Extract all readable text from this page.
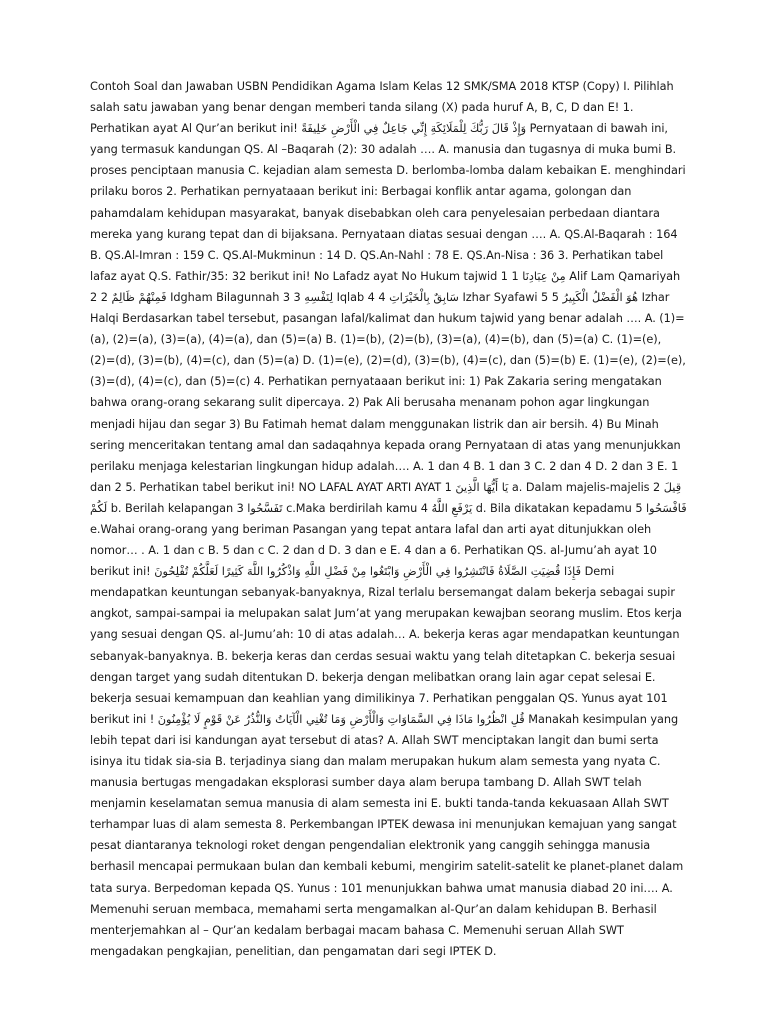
Contoh Soal dan Jawaban USBN Pendidikan Agama Islam Kelas 12 SMK/SMA 2018 KTSP (Copy) I. Pilihlah salah satu jawaban yang benar dengan memberi tanda silang (X) pada huruf A, B, C, D dan E! 1. Perhatikan ayat Al Qur’an berikut ini! وَإِذْ قَالَ رَبُّكَ لِلْمَلَائِكَةِ إِنِّي جَاعِلٌ فِي الْأَرْضِ خَلِيفَةً Pernyataan di bawah ini, yang termasuk kandungan QS. Al –Baqarah (2): 30 adalah …. A. manusia dan tugasnya di muka bumi B. proses penciptaan manusia C. kejadian alam semesta D. berlomba-lomba dalam kebaikan E. menghindari prilaku boros 2. Perhatikan pernyataaan berikut ini: Berbagai konflik antar agama, golongan dan pahamdalam kehidupan masyarakat, banyak disebabkan oleh cara penyelesaian perbedaan diantara mereka yang kurang tepat dan di bijaksana. Pernyataan diatas sesuai dengan …. A. QS.Al-Baqarah : 164 B. QS.Al-Imran : 159 C. QS.Al-Mukminun : 14 D. QS.An-Nahl : 78 E. QS.An-Nisa : 36 3. Perhatikan tabel lafaz ayat Q.S. Fathir/35: 32 berikut ini! No Lafadz ayat No Hukum tajwid 1 مِنْ عِبَادِنَا 1 Alif Lam Qamariyah 2 فَمِنْهُمْ ظَالِمٌ 2 Idgham Bilagunnah 3 لِنَفْسِهِ 3 Iqlab 4 سَابِقٌ بِالْخَيْرَاتِ 4 Izhar Syafawi 5 هُوَ الْفَضْلُ الْكَبِيرُ 5 Izhar Halqi Berdasarkan tabel tersebut, pasangan lafal/kalimat dan hukum tajwid yang benar adalah …. A. (1)=(a), (2)=(a), (3)=(a), (4)=(a), dan (5)=(a) B. (1)=(b), (2)=(b), (3)=(a), (4)=(b), dan (5)=(a) C. (1)=(e), (2)=(d), (3)=(b), (4)=(c), dan (5)=(a) D. (1)=(e), (2)=(d), (3)=(b), (4)=(c), dan (5)=(b) E. (1)=(e), (2)=(e), (3)=(d), (4)=(c), dan (5)=(c) 4. Perhatikan pernyataaan berikut ini: 1) Pak Zakaria sering mengatakan bahwa orang-orang sekarang sulit dipercaya. 2) Pak Ali berusaha menanam pohon agar lingkungan menjadi hijau dan segar 3) Bu Fatimah hemat dalam menggunakan listrik dan air bersih. 4) Bu Minah sering menceritakan tentang amal dan sadaqahnya kepada orang Pernyataan di atas yang menunjukkan perilaku menjaga kelestarian lingkungan hidup adalah…. A. 1 dan 4 B. 1 dan 3 C. 2 dan 4 D. 2 dan 3 E. 1 dan 2 5. Perhatikan tabel berikut ini! NO LAFAL AYAT ARTI AYAT 1 يَا أَيُّهَا الَّذِينَ a. Dalam majelis-majelis 2 قِيلَ لَكُمْ b. Berilah kelapangan 3 تَفَسَّحُوا c.Maka berdirilah kamu 4 يَرْفَعِ اللَّهُ d. Bila dikatakan kepadamu 5 فَافْسَحُوا e.Wahai orang-orang yang beriman Pasangan yang tepat antara lafal dan arti ayat ditunjukkan oleh nomor… . A. 1 dan c B. 5 dan c C. 2 dan d D. 3 dan e E. 4 dan a 6. Perhatikan QS. al-Jumu’ah ayat 10 berikut ini! فَإِذَا قُضِيَتِ الصَّلَاةُ فَانْتَشِرُوا فِي الْأَرْضِ وَابْتَغُوا مِنْ فَضْلِ اللَّهِ وَاذْكُرُوا اللَّهَ كَثِيرًا لَعَلَّكُمْ تُفْلِحُونَ Demi mendapatkan keuntungan sebanyak-banyaknya, Rizal terlalu bersemangat dalam bekerja sebagai supir angkot, sampai-sampai ia melupakan salat Jum’at yang merupakan kewajban seorang muslim. Etos kerja yang sesuai dengan QS. al-Jumu’ah: 10 di atas adalah… A. bekerja keras agar mendapatkan keuntungan sebanyak-banyaknya. B. bekerja keras dan cerdas sesuai waktu yang telah ditetapkan C. bekerja sesuai dengan target yang sudah ditentukan D. bekerja dengan melibatkan orang lain agar cepat selesai E. bekerja sesuai kemampuan dan keahlian yang dimilikinya 7. Perhatikan penggalan QS. Yunus ayat 101 berikut ini ! قُلِ انْظُرُوا مَاذَا فِي السَّمَاوَاتِ وَالْأَرْضِ وَمَا تُغْنِي الْآيَاتُ وَالنُّذُرُ عَنْ قَوْمٍ لَا يُؤْمِنُونَ Manakah kesimpulan yang lebih tepat dari isi kandungan ayat tersebut di atas? A. Allah SWT menciptakan langit dan bumi serta isinya itu tidak sia-sia B. terjadinya siang dan malam merupakan hukum alam semesta yang nyata C. manusia bertugas mengadakan eksplorasi sumber daya alam berupa tambang D. Allah SWT telah menjamin keselamatan semua manusia di alam semesta ini E. bukti tanda-tanda kekuasaan Allah SWT terhampar luas di alam semesta 8. Perkembangan IPTEK dewasa ini menunjukan kemajuan yang sangat pesat diantaranya teknologi roket dengan pengendalian elektronik yang canggih sehingga manusia berhasil mencapai permukaan bulan dan kembali kebumi, mengirim satelit-satelit ke planet-planet dalam tata surya. Berpedoman kepada QS. Yunus : 101 menunjukkan bahwa umat manusia diabad 20 ini…. A. Memenuhi seruan membaca, memahami serta mengamalkan al-Qur’an dalam kehidupan B. Berhasil menterjemahkan al – Qur’an kedalam berbagai macam bahasa C. Memenuhi seruan Allah SWT mengadakan pengkajian, penelitian, dan pengamatan dari segi IPTEK D.
